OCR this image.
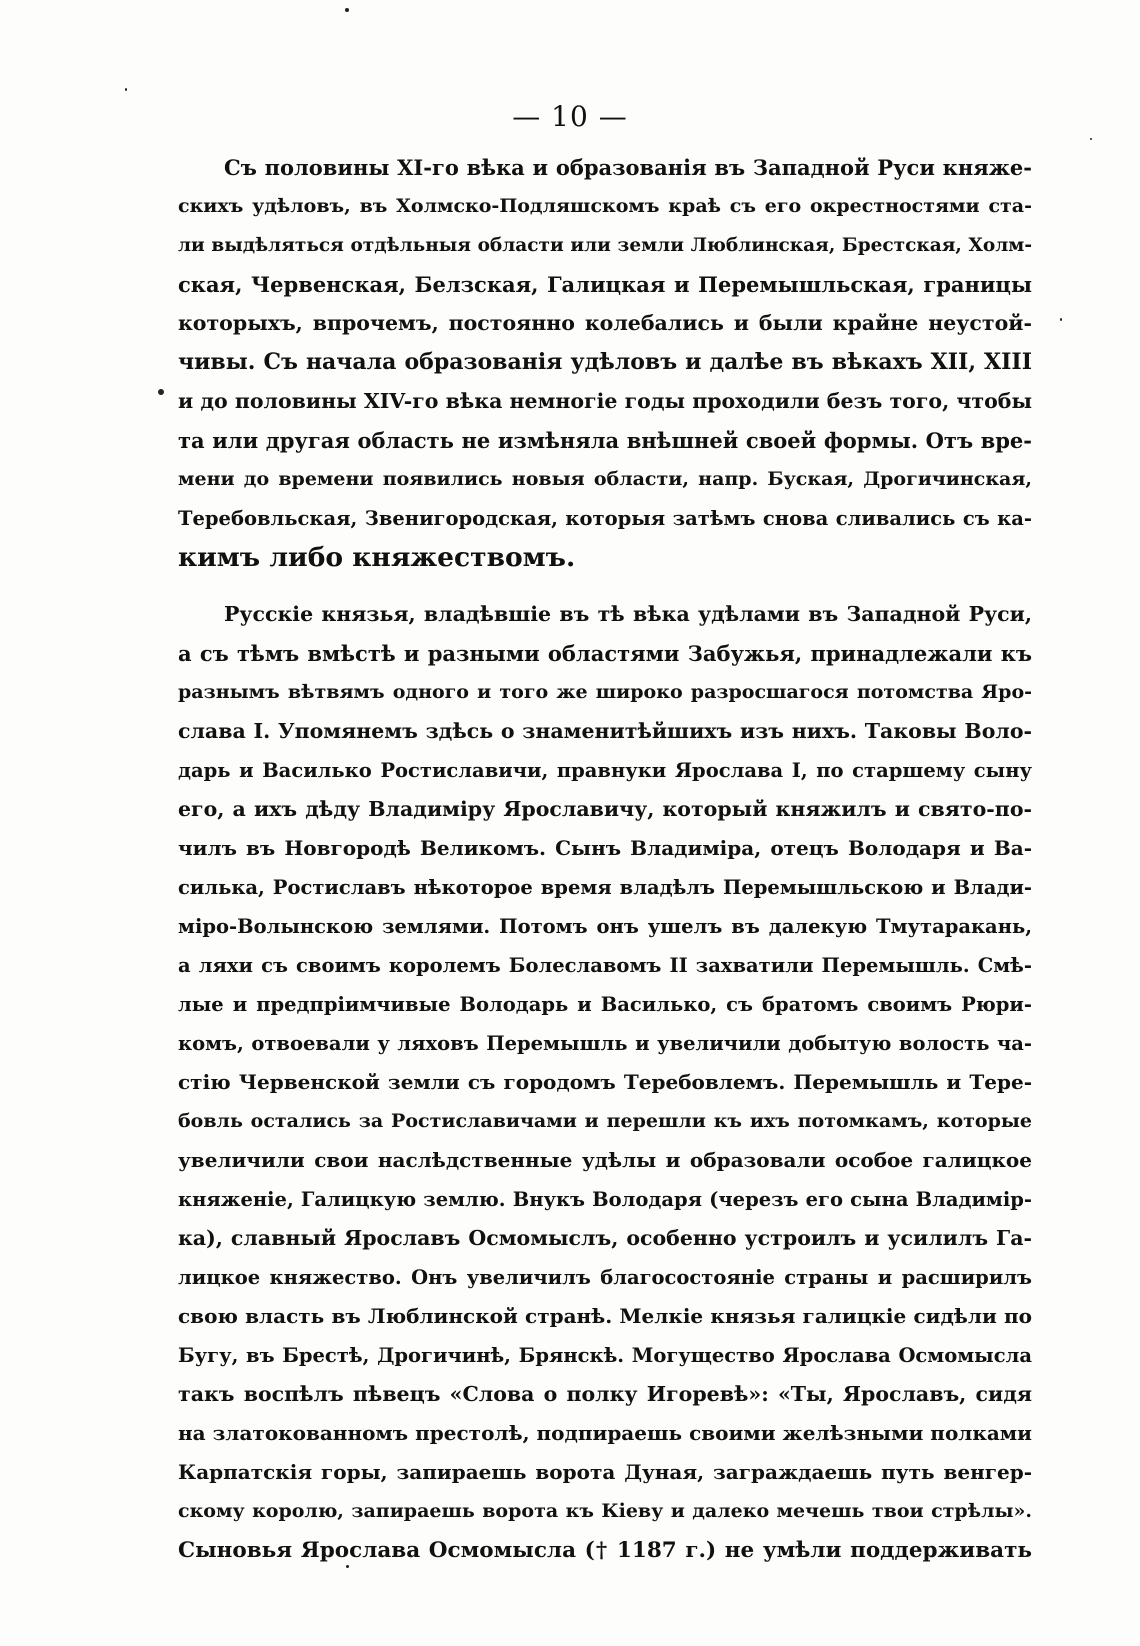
— 10 —
Съ половины XI-го вѣка и образованія въ Западной Руси княже-
скихъ удѣловъ, въ Холмско-Подляшскомъ краѣ съ его окрестностями ста-
ли выдѣляться отдѣльныя области или земли Люблинская, Брестская, Холм-
ская, Червенская, Белзская, Галицкая и Перемышльская, границы
которыхъ, впрочемъ, постоянно колебались и были крайне неустой-
чивы. Съ начала образованія удѣловъ и далѣе въ вѣкахъ XII, XIII
и до половины XIV-го вѣка немногіе годы проходили безъ того, чтобы
та или другая область не измѣняла внѣшней своей формы. Отъ вре-
мени до времени появились новыя области, напр. Буская, Дрогичинская,
Теребовльская, Звенигородская, которыя затѣмъ снова сливались съ ка-
кимъ либо княжествомъ.
Русскіе князья, владѣвшіе въ тѣ вѣка удѣлами въ Западной Руси,
а съ тѣмъ вмѣстѣ и разными областями Забужья, принадлежали къ
разнымъ вѣтвямъ одного и того же широко разросшагося потомства Яро-
слава I. Упомянемъ здѣсь о знаменитѣйшихъ изъ нихъ. Таковы Воло-
дарь и Василько Ростиславичи, правнуки Ярослава I, по старшему сыну
его, а ихъ дѣду Владиміру Ярославичу, который княжилъ и свято-по-
чилъ въ Новгородѣ Великомъ. Сынъ Владиміра, отецъ Володаря и Ва-
силька, Ростиславъ нѣкоторое время владѣлъ Перемышльскою и Влади-
міро-Волынскою землями. Потомъ онъ ушелъ въ далекую Тмутаракань,
а ляхи съ своимъ королемъ Болеславомъ II захватили Перемышль. Смѣ-
лые и предпріимчивые Володарь и Василько, съ братомъ своимъ Рюри-
комъ, отвоевали у ляховъ Перемышль и увеличили добытую волость ча-
стію Червенской земли съ городомъ Теребовлемъ. Перемышль и Тере-
бовль остались за Ростиславичами и перешли къ ихъ потомкамъ, которые
увеличили свои наслѣдственные удѣлы и образовали особое галицкое
княженіе, Галицкую землю. Внукъ Володаря (черезъ его сына Владимір-
ка), славный Ярославъ Осмомыслъ, особенно устроилъ и усилилъ Га-
лицкое княжество. Онъ увеличилъ благосостояніе страны и расширилъ
свою власть въ Люблинской странѣ. Мелкіе князья галицкіе сидѣли по
Бугу, въ Брестѣ, Дрогичинѣ, Брянскѣ. Могущество Ярослава Осмомысла
такъ воспѣлъ пѣвецъ «Слова о полку Игоревѣ»: «Ты, Ярославъ, сидя
на златокованномъ престолѣ, подпираешь своими желѣзными полками
Карпатскія горы, запираешь ворота Дуная, заграждаешь путь венгер-
скому королю, запираешь ворота къ Кіеву и далеко мечешь твои стрѣлы».
Сыновья Ярослава Осмомысла († 1187 г.) не умѣли поддерживать
